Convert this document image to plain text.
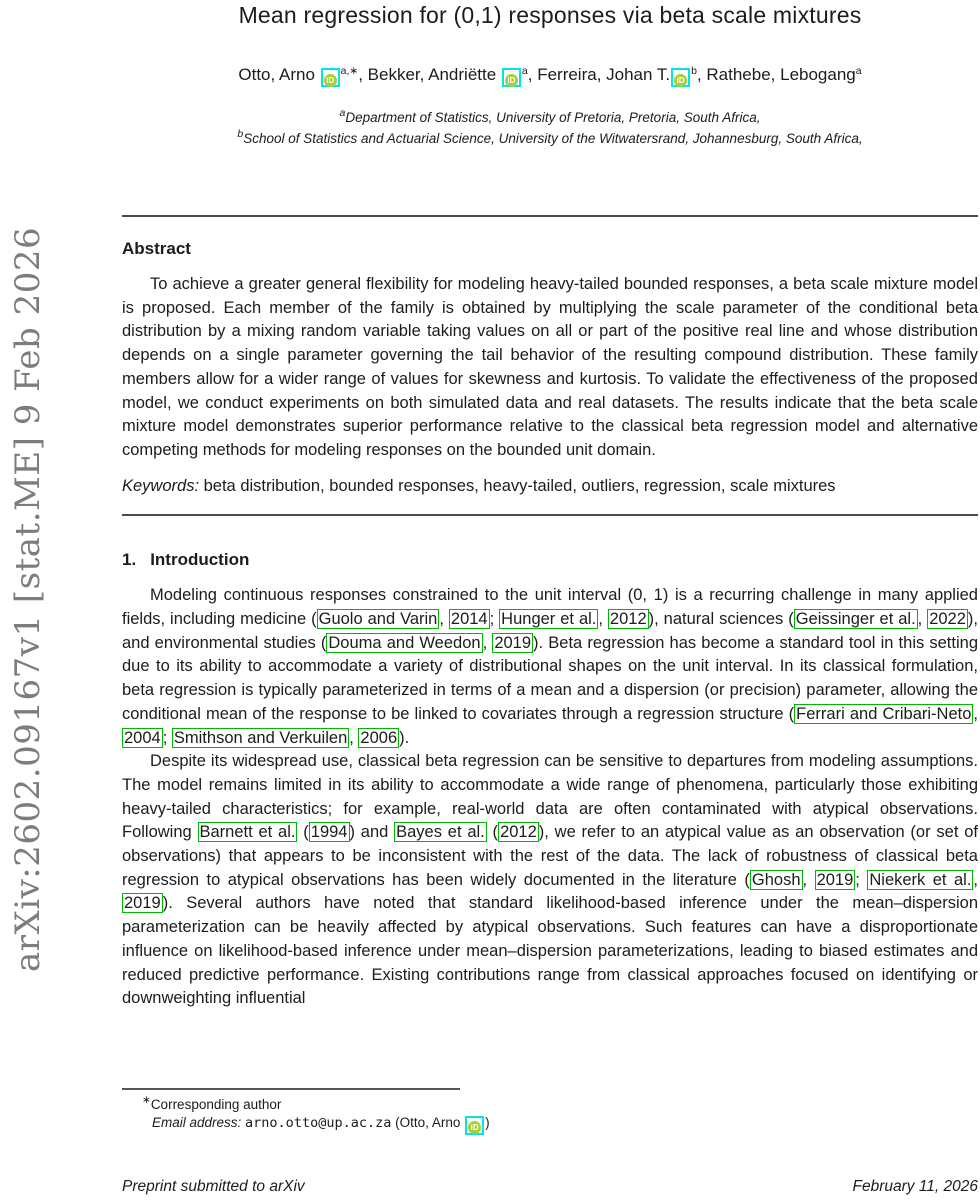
arXiv:2602.09167v1 [stat.ME] 9 Feb 2026
Mean regression for (0,1) responses via beta scale mixtures
Otto, Arno $iD^{a,∗}$, Bekker, Andriëtte $iD^a$, Ferreira, Johan T. $iD^b$, Rathebe, Lebogang$^a$
$^a$Department of Statistics, University of Pretoria, Pretoria, South Africa,
$^b$School of Statistics and Actuarial Science, University of the Witwatersrand, Johannesburg, South Africa,
Abstract
To achieve a greater general flexibility for modeling heavy-tailed bounded responses, a beta scale mixture model is proposed. Each member of the family is obtained by multiplying the scale parameter of the conditional beta distribution by a mixing random variable taking values on all or part of the positive real line and whose distribution depends on a single parameter governing the tail behavior of the resulting compound distribution. These family members allow for a wider range of values for skewness and kurtosis. To validate the effectiveness of the proposed model, we conduct experiments on both simulated data and real datasets. The results indicate that the beta scale mixture model demonstrates superior performance relative to the classical beta regression model and alternative competing methods for modeling responses on the bounded unit domain.
Keywords: beta distribution, bounded responses, heavy-tailed, outliers, regression, scale mixtures
1. Introduction
Modeling continuous responses constrained to the unit interval (0, 1) is a recurring challenge in many applied fields, including medicine ( Guolo and Varin , 2014 ; Hunger et al. , 2012 ), natural sciences ( Geissinger et al. , 2022 ), and environmental studies ( Douma and Weedon , 2019 ). Beta regression has become a standard tool in this setting due to its ability to accommodate a variety of distributional shapes on the unit interval. In its classical formulation, beta regression is typically parameterized in terms of a mean and a dispersion (or precision) parameter, allowing the conditional mean of the response to be linked to covariates through a regression structure ( Ferrari and Cribari-Neto , 2004 ; Smithson and Verkuilen , 2006 ).
Despite its widespread use, classical beta regression can be sensitive to departures from modeling assumptions. The model remains limited in its ability to accommodate a wide range of phenomena, particularly those exhibiting heavy-tailed characteristics; for example, real-world data are often contaminated with atypical observations. Following Barnett et al. ( 1994 ) and Bayes et al. ( 2012 ), we refer to an atypical value as an observation (or set of observations) that appears to be inconsistent with the rest of the data. The lack of robustness of classical beta regression to atypical observations has been widely documented in the literature ( Ghosh , 2019 ; Niekerk et al. , 2019 ). Several authors have noted that standard likelihood-based inference under the mean–dispersion parameterization can be heavily affected by atypical observations. Such features can have a disproportionate influence on likelihood-based inference under mean–dispersion parameterizations, leading to biased estimates and reduced predictive performance. Existing contributions range from classical approaches focused on identifying or downweighting influential
∗Corresponding author
Email address: arno.otto@up.ac.za (Otto, Arno iD )
Preprint submitted to arXiv	February 11, 2026
